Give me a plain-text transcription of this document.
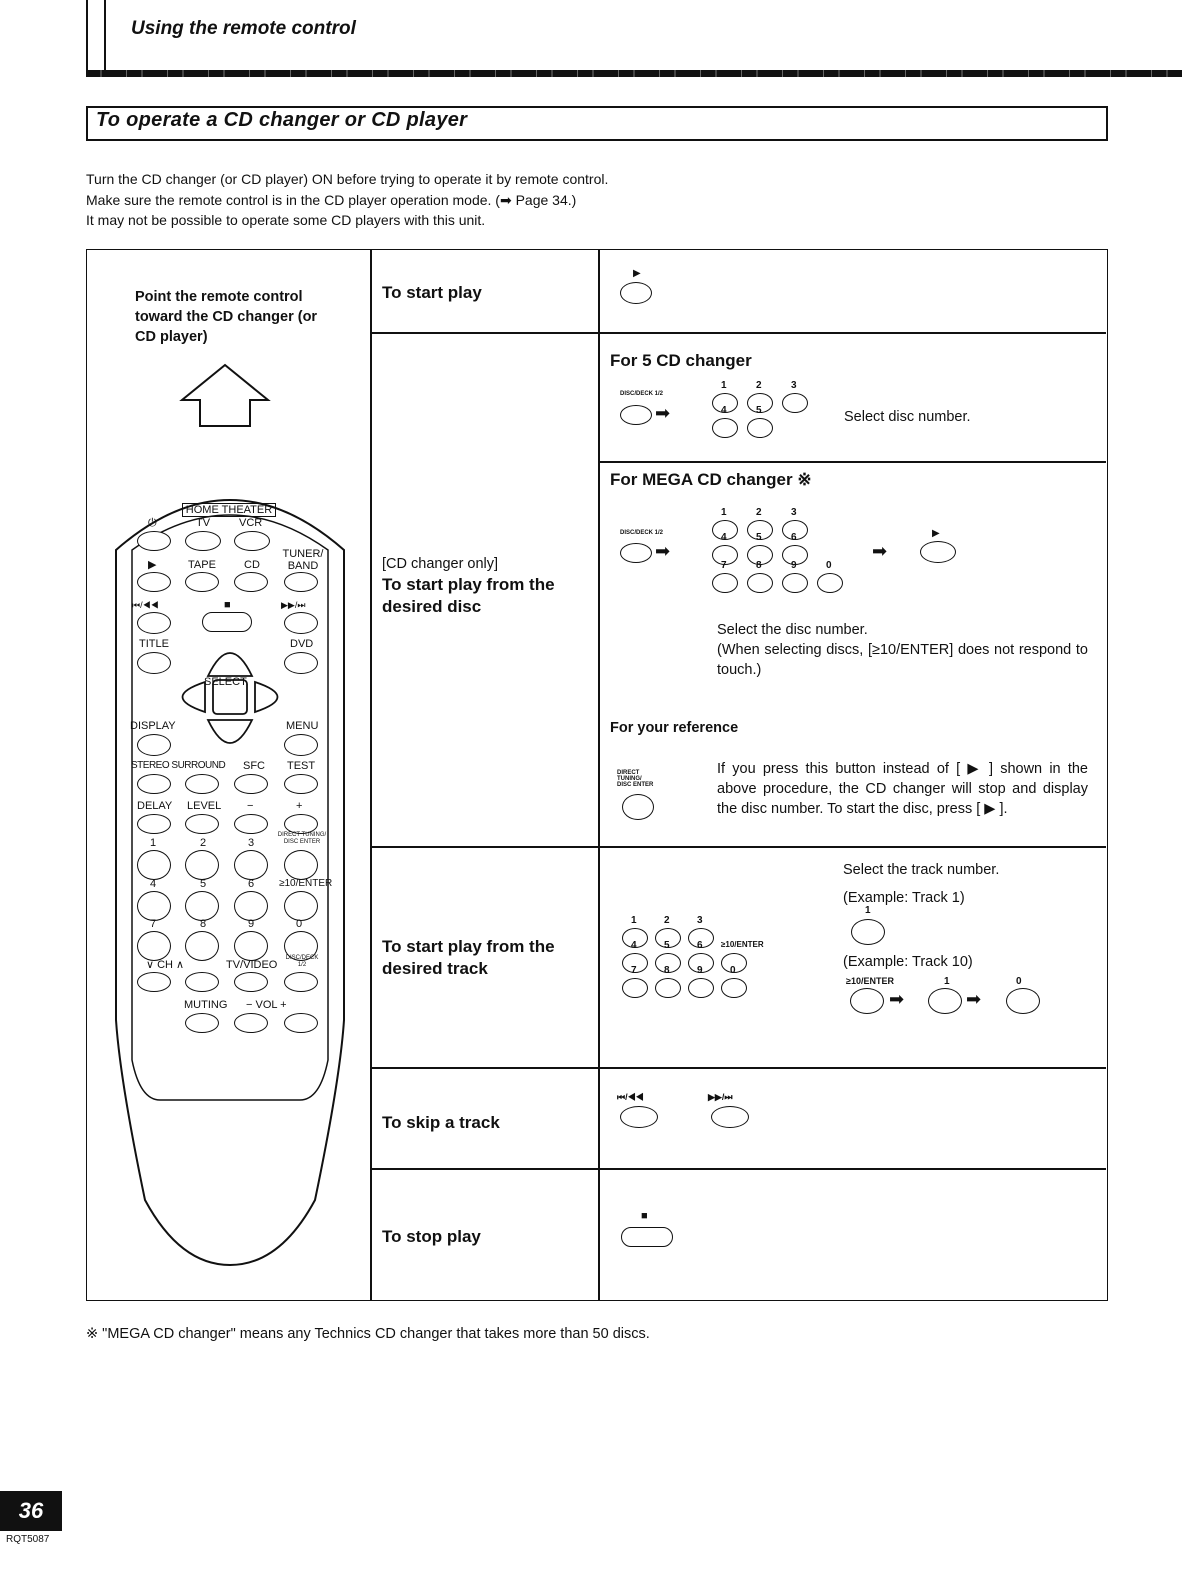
Using the remote control
To operate a CD changer or CD player
Turn the CD changer (or CD player) ON before trying to operate it by remote control.
Make sure the remote control is in the CD player operation mode. (➡ Page 34.)
It may not be possible to operate some CD players with this unit.
Point the remote control toward the CD changer (or CD player)
HOME THEATER
TV	VCR
⏻
▶	TAPE	CD
TUNER/ BAND
⏮/◀◀	■	▶▶/⏭
TITLE	DVD
SELECT
DISPLAY	MENU
STEREO SURROUND SFC TEST
DELAY LEVEL −	+
1	2	3
DIRECT TUNING/ DISC ENTER
4	5	6 ≥10/ENTER
7	8	9	0
∨ CH ∧	TV/VIDEO
DISC/DECK 1/2
MUTING − VOL +
To start play
▶
[CD changer only]
To start play from the desired disc
For 5 CD changer
DISC/DECK 1/2
➡
1	2	3
4	5	Select disc number.
For MEGA CD changer ※
DISC/DECK 1/2
➡
1	2	3
4	5	6
7	8	9	0
➡
▶
Select the disc number.
(When selecting discs, [≥10/ENTER] does not respond to touch.)
For your reference
DIRECT TUNING/ DISC ENTER
If you press this button instead of [ ▶ ] shown in the above procedure, the CD changer will stop and display the disc number. To start the disc, press [ ▶ ].
To start play from the desired track
1	2	3
4	5	6 ≥10/ENTER
7	8	9	0
Select the track number.
(Example: Track 1)
1
(Example: Track 10)
≥10/ENTER
➡
1
➡
0
To skip a track
⏮/◀◀	▶▶/⏭
To stop play
■
※ "MEGA CD changer" means any Technics CD changer that takes more than 50 discs.
36
RQT5087
